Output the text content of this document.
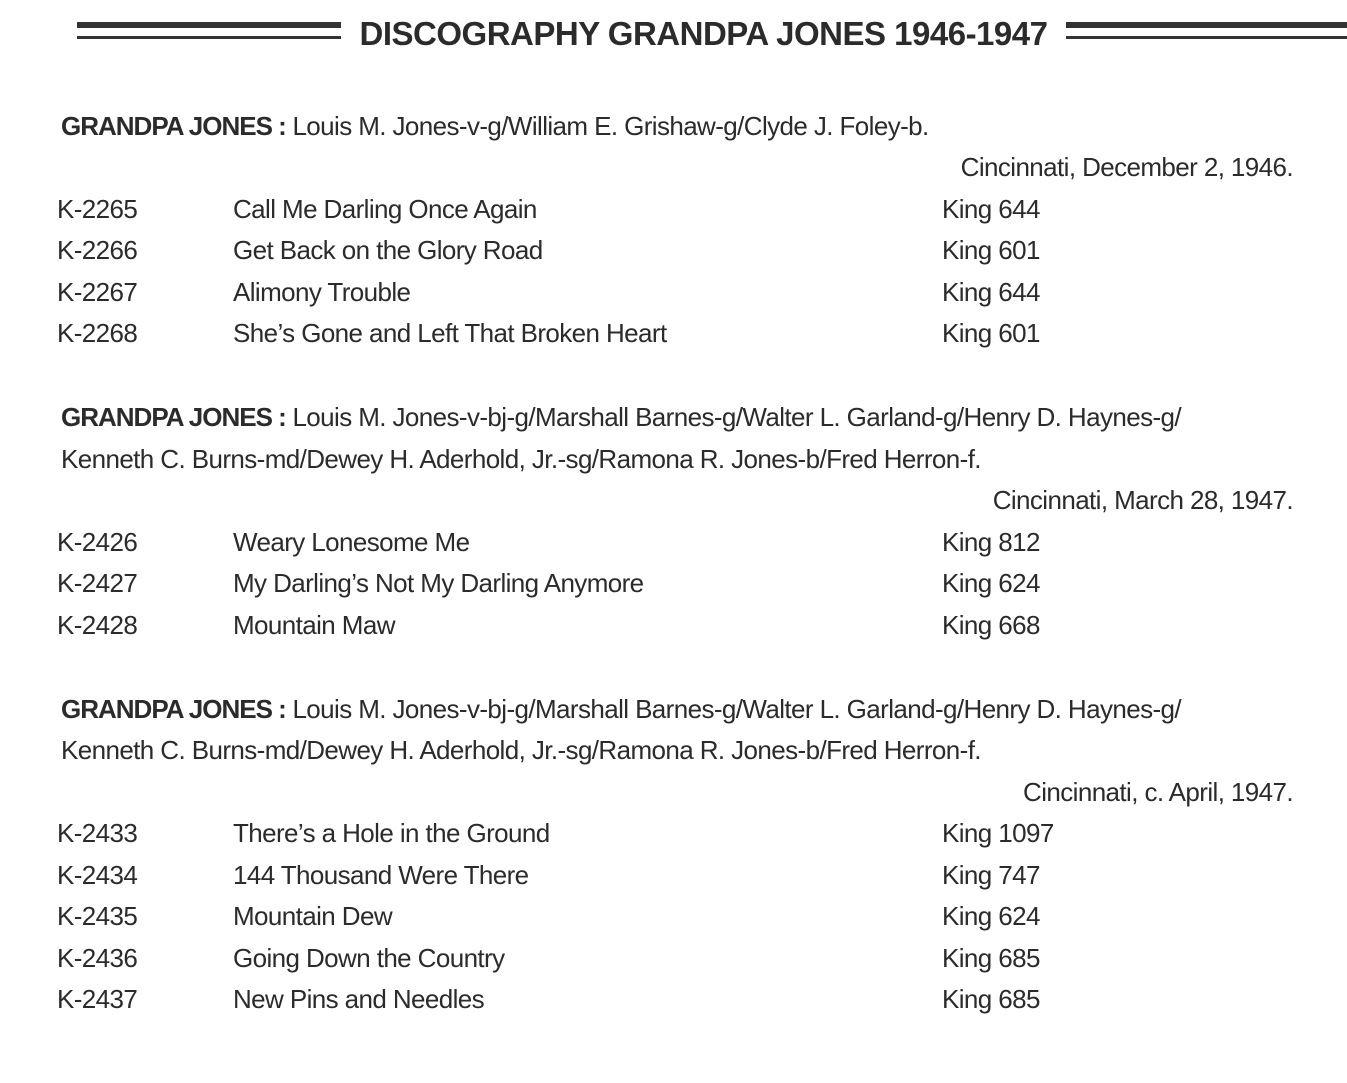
DISCOGRAPHY GRANDPA JONES 1946-1947
GRANDPA JONES : Louis M. Jones-v-g/William E. Grishaw-g/Clyde J. Foley-b.
Cincinnati, December 2, 1946.
K-2265	Call Me Darling Once Again	King 644
K-2266	Get Back on the Glory Road	King 601
K-2267	Alimony Trouble	King 644
K-2268	She’s Gone and Left That Broken Heart	King 601
GRANDPA JONES : Louis M. Jones-v-bj-g/Marshall Barnes-g/Walter L. Garland-g/Henry D. Haynes-g/
Kenneth C. Burns-md/Dewey H. Aderhold, Jr.-sg/Ramona R. Jones-b/Fred Herron-f.
Cincinnati, March 28, 1947.
K-2426	Weary Lonesome Me	King 812
K-2427	My Darling’s Not My Darling Anymore	King 624
K-2428	Mountain Maw	King 668
GRANDPA JONES : Louis M. Jones-v-bj-g/Marshall Barnes-g/Walter L. Garland-g/Henry D. Haynes-g/
Kenneth C. Burns-md/Dewey H. Aderhold, Jr.-sg/Ramona R. Jones-b/Fred Herron-f.
Cincinnati, c. April, 1947.
K-2433	There’s a Hole in the Ground	King 1097
K-2434	144 Thousand Were There	King 747
K-2435	Mountain Dew	King 624
K-2436	Going Down the Country	King 685
K-2437	New Pins and Needles	King 685
